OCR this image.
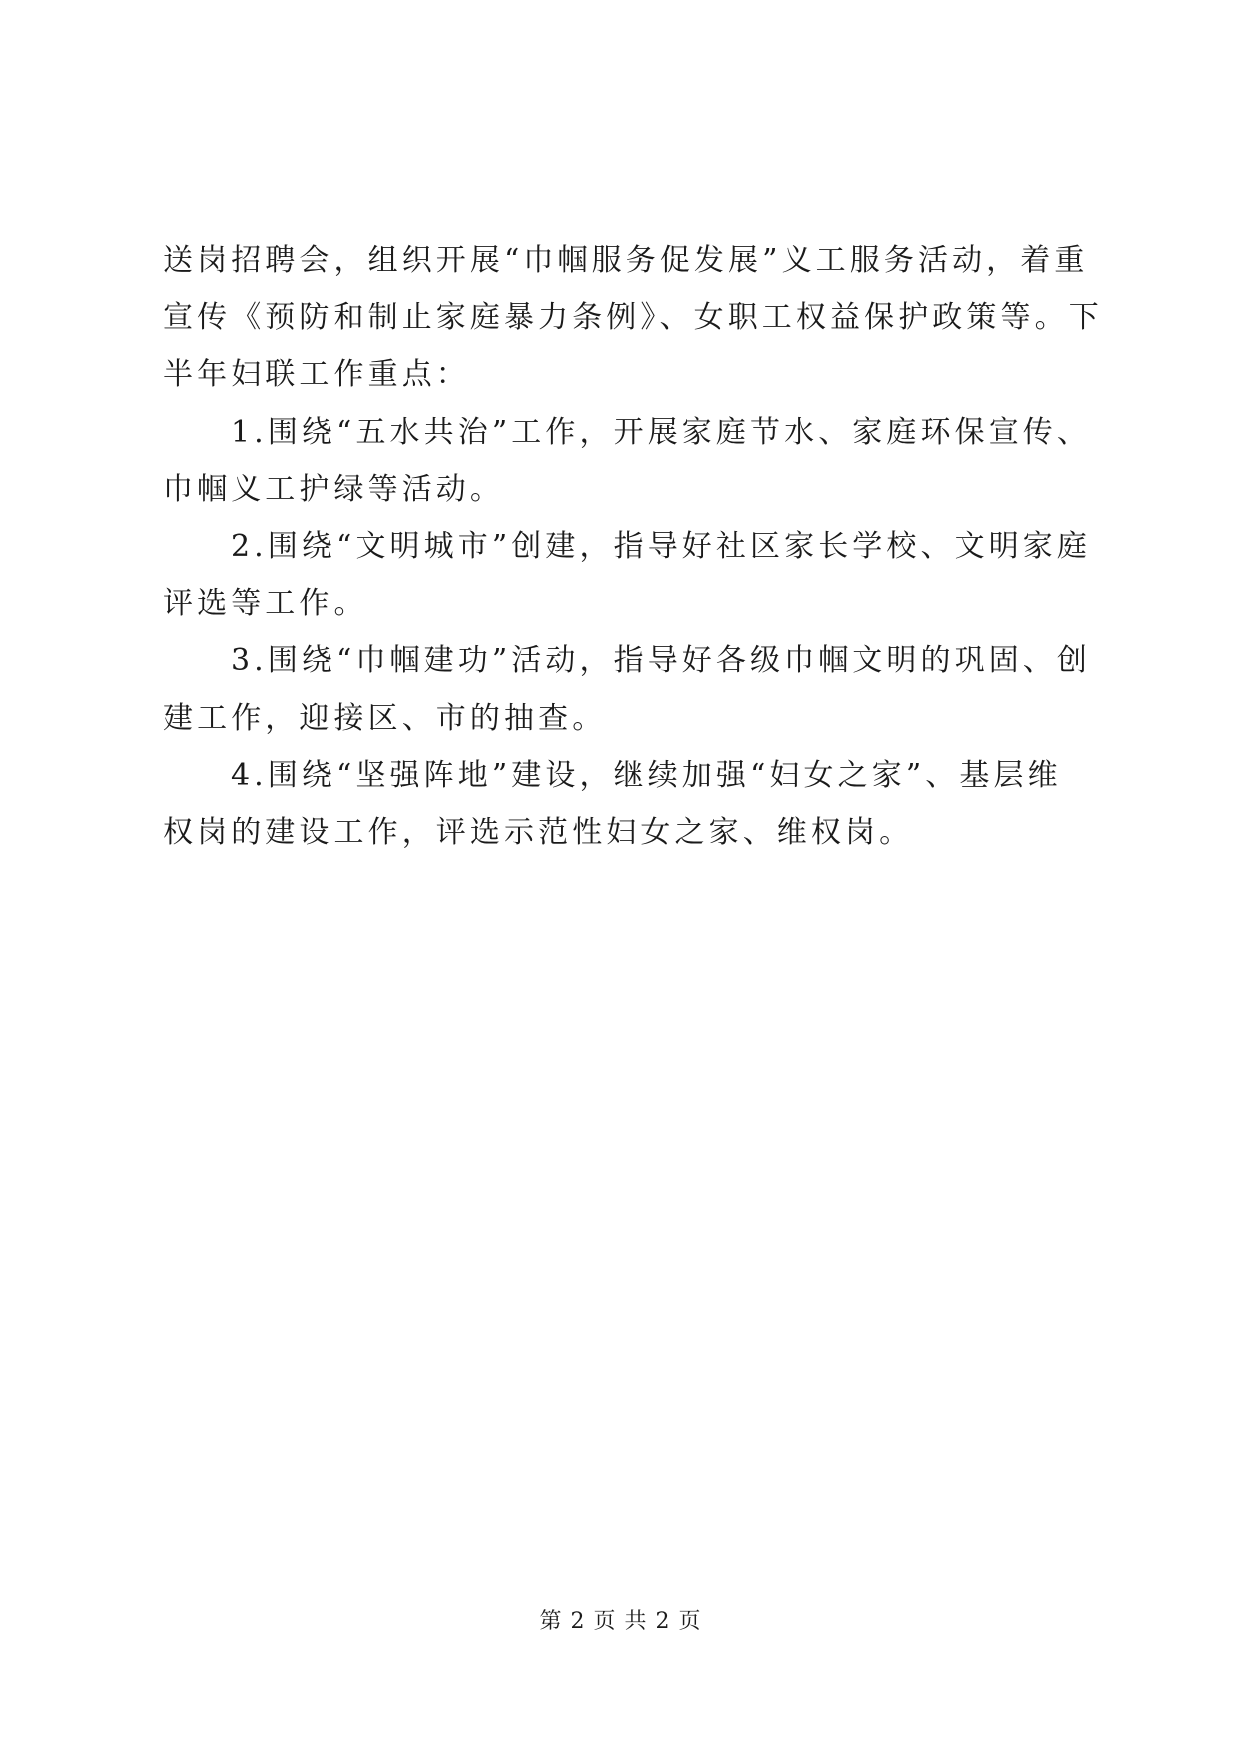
送岗招聘会，组织开展“巾帼服务促发展”义工服务活动，着重
宣传《预防和制止家庭暴力条例》、女职工权益保护政策等。下
半年妇联工作重点：
1.围绕“五水共治”工作，开展家庭节水、家庭环保宣传、
巾帼义工护绿等活动。
2.围绕“文明城市”创建，指导好社区家长学校、文明家庭
评选等工作。
3.围绕“巾帼建功”活动，指导好各级巾帼文明的巩固、创
建工作，迎接区、市的抽查。
4.围绕“坚强阵地”建设，继续加强“妇女之家”、基层维
权岗的建设工作，评选示范性妇女之家、维权岗。
第 2 页 共 2 页
